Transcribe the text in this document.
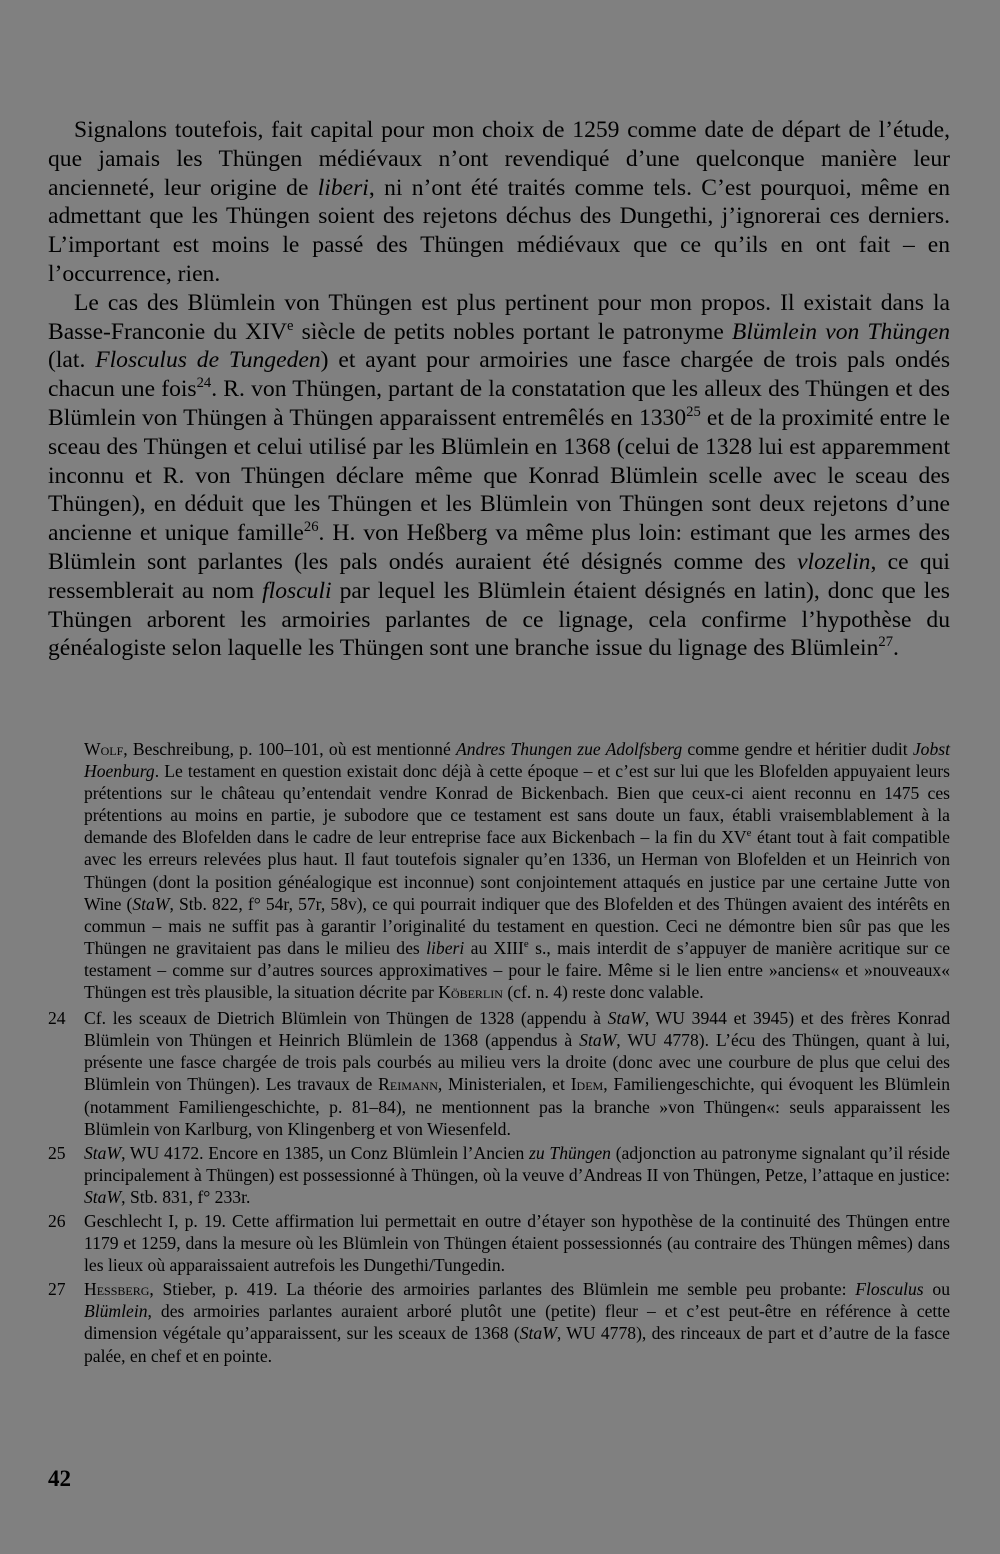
Signalons toutefois, fait capital pour mon choix de 1259 comme date de départ de l’étude, que jamais les Thüngen médiévaux n’ont revendiqué d’une quelconque manière leur ancienneté, leur origine de liberi, ni n’ont été traités comme tels. C’est pourquoi, même en admettant que les Thüngen soient des rejetons déchus des Dungethi, j’ignorerai ces derniers. L’important est moins le passé des Thüngen médiévaux que ce qu’ils en ont fait – en l’occurrence, rien.

Le cas des Blümlein von Thüngen est plus pertinent pour mon propos. Il existait dans la Basse-Franconie du XIVe siècle de petits nobles portant le patronyme Blümlein von Thüngen (lat. Flosculus de Tungeden) et ayant pour armoiries une fasce chargée de trois pals ondés chacun une fois$^{24}$. R. von Thüngen, partant de la constatation que les alleux des Thüngen et des Blümlein von Thüngen à Thüngen apparaissent entremêlés en 1330$^{25}$ et de la proximité entre le sceau des Thüngen et celui utilisé par les Blümlein en 1368 (celui de 1328 lui est apparemment inconnu et R. von Thüngen déclare même que Konrad Blümlein scelle avec le sceau des Thüngen), en déduit que les Thüngen et les Blümlein von Thüngen sont deux rejetons d’une ancienne et unique famille$^{26}$. H. von Heßberg va même plus loin: estimant que les armes des Blümlein sont parlantes (les pals ondés auraient été désignés comme des vlozelin, ce qui ressemblerait au nom flosculi par lequel les Blümlein étaient désignés en latin), donc que les Thüngen arborent les armoiries parlantes de ce lignage, cela confirme l’hypothèse du généalogiste selon laquelle les Thüngen sont une branche issue du lignage des Blümlein$^{27}$.

Wolf, Beschreibung, p. 100–101, où est mentionné Andres Thungen zue Adolfsberg comme gendre et héritier dudit Jobst Hoenburg. Le testament en question existait donc déjà à cette époque – et c’est sur lui que les Blofelden appuyaient leurs prétentions sur le château qu’entendait vendre Konrad de Bickenbach. Bien que ceux-ci aient reconnu en 1475 ces prétentions au moins en partie, je subodore que ce testament est sans doute un faux, établi vraisemblablement à la demande des Blofelden dans le cadre de leur entreprise face aux Bickenbach – la fin du XVe étant tout à fait compatible avec les erreurs relevées plus haut. Il faut toutefois signaler qu’en 1336, un Herman von Blofelden et un Heinrich von Thüngen (dont la position généalogique est inconnue) sont conjointement attaqués en justice par une certaine Jutte von Wine (StaW, Stb. 822, f° 54r, 57r, 58v), ce qui pourrait indiquer que des Blofelden et des Thüngen avaient des intérêts en commun – mais ne suffit pas à garantir l’originalité du testament en question. Ceci ne démontre bien sûr pas que les Thüngen ne gravitaient pas dans le milieu des liberi au XIIIe s., mais interdit de s’appuyer de manière acritique sur ce testament – comme sur d’autres sources approximatives – pour le faire. Même si le lien entre »anciens« et »nouveaux« Thüngen est très plausible, la situation décrite par Köberlin (cf. n. 4) reste donc valable.
24 Cf. les sceaux de Dietrich Blümlein von Thüngen de 1328 (appendu à StaW, WU 3944 et 3945) et des frères Konrad Blümlein von Thüngen et Heinrich Blümlein de 1368 (appendus à StaW, WU 4778). L’écu des Thüngen, quant à lui, présente une fasce chargée de trois pals courbés au milieu vers la droite (donc avec une courbure de plus que celui des Blümlein von Thüngen). Les travaux de Reimann, Ministerialen, et Idem, Familiengeschichte, qui évoquent les Blümlein (notamment Familiengeschichte, p. 81–84), ne mentionnent pas la branche »von Thüngen«: seuls apparaissent les Blümlein von Karlburg, von Klingenberg et von Wiesenfeld.
25 StaW, WU 4172. Encore en 1385, un Conz Blümlein l’Ancien zu Thüngen (adjonction au patronyme signalant qu’il réside principalement à Thüngen) est possessionné à Thüngen, où la veuve d’Andreas II von Thüngen, Petze, l’attaque en justice: StaW, Stb. 831, f° 233r.
26 Geschlecht I, p. 19. Cette affirmation lui permettait en outre d’étayer son hypothèse de la continuité des Thüngen entre 1179 et 1259, dans la mesure où les Blümlein von Thüngen étaient possessionnés (au contraire des Thüngen mêmes) dans les lieux où apparaissaient autrefois les Dungethi/Tungedin.
27 Hessberg, Stieber, p. 419. La théorie des armoiries parlantes des Blümlein me semble peu probante: Flosculus ou Blümlein, des armoiries parlantes auraient arboré plutôt une (petite) fleur – et c’est peut-être en référence à cette dimension végétale qu’apparaissent, sur les sceaux de 1368 (StaW, WU 4778), des rinceaux de part et d’autre de la fasce palée, en chef et en pointe.
42
